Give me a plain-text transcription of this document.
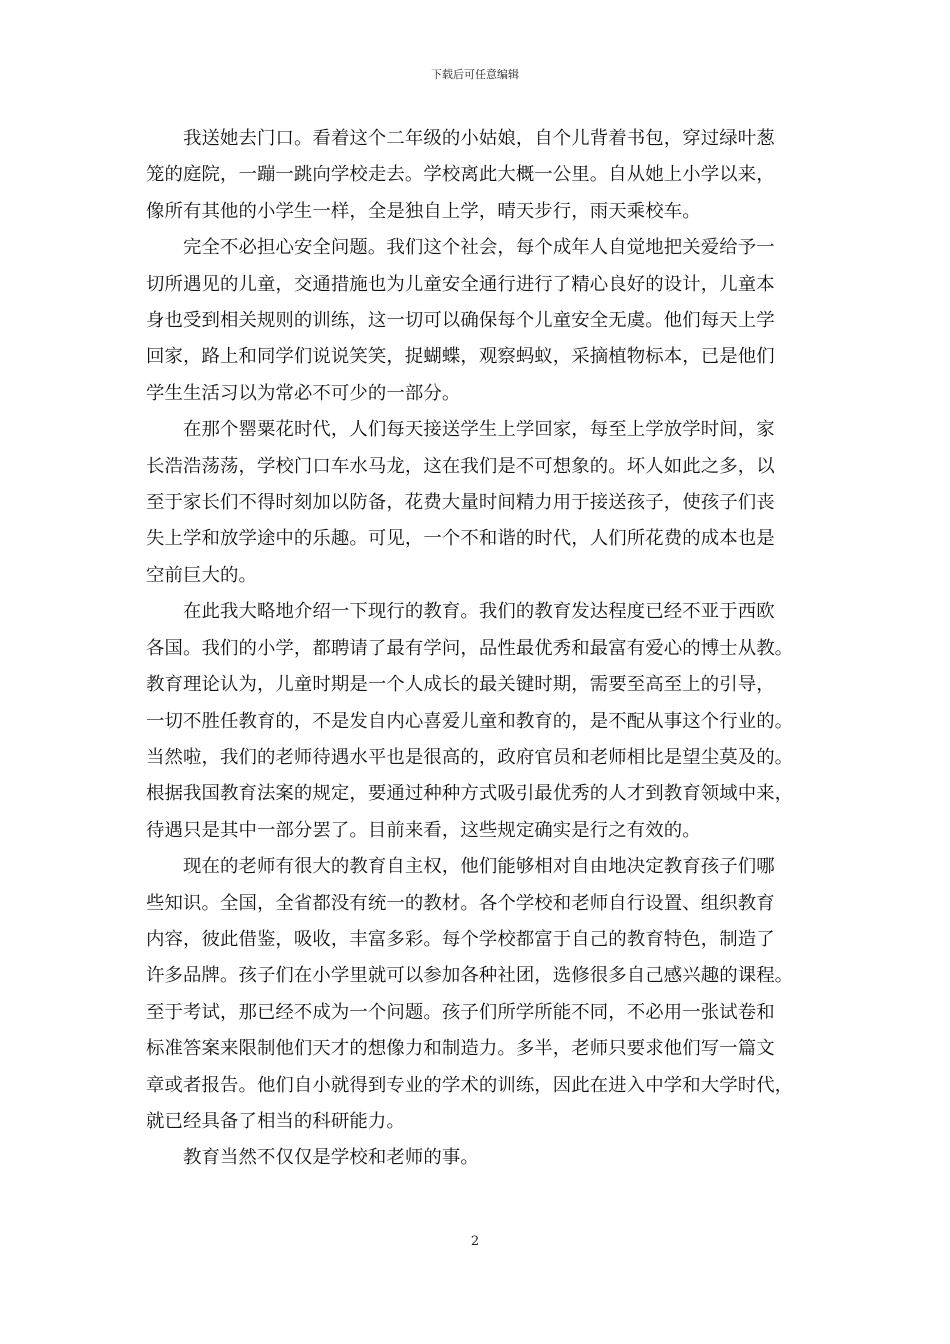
下载后可任意编辑

我送她去门口。看着这个二年级的小姑娘，自个儿背着书包，穿过绿叶葱
笼的庭院，一蹦一跳向学校走去。学校离此大概一公里。自从她上小学以来，
像所有其他的小学生一样，全是独自上学，晴天步行，雨天乘校车。

完全不必担心安全问题。我们这个社会，每个成年人自觉地把关爱给予一
切所遇见的儿童，交通措施也为儿童安全通行进行了精心良好的设计，儿童本
身也受到相关规则的训练，这一切可以确保每个儿童安全无虞。他们每天上学
回家，路上和同学们说说笑笑，捉蝴蝶，观察蚂蚁，采摘植物标本，已是他们
学生生活习以为常必不可少的一部分。

在那个罂粟花时代，人们每天接送学生上学回家，每至上学放学时间，家
长浩浩荡荡，学校门口车水马龙，这在我们是不可想象的。坏人如此之多，以
至于家长们不得时刻加以防备，花费大量时间精力用于接送孩子，使孩子们丧
失上学和放学途中的乐趣。可见，一个不和谐的时代，人们所花费的成本也是
空前巨大的。

在此我大略地介绍一下现行的教育。我们的教育发达程度已经不亚于西欧
各国。我们的小学，都聘请了最有学问，品性最优秀和最富有爱心的博士从教。
教育理论认为，儿童时期是一个人成长的最关键时期，需要至高至上的引导，
一切不胜任教育的，不是发自内心喜爱儿童和教育的，是不配从事这个行业的。
当然啦，我们的老师待遇水平也是很高的，政府官员和老师相比是望尘莫及的。
根据我国教育法案的规定，要通过种种方式吸引最优秀的人才到教育领域中来，
待遇只是其中一部分罢了。目前来看，这些规定确实是行之有效的。

现在的老师有很大的教育自主权，他们能够相对自由地决定教育孩子们哪
些知识。全国，全省都没有统一的教材。各个学校和老师自行设置、组织教育
内容，彼此借鉴，吸收，丰富多彩。每个学校都富于自己的教育特色，制造了
许多品牌。孩子们在小学里就可以参加各种社团，选修很多自己感兴趣的课程。
至于考试，那已经不成为一个问题。孩子们所学所能不同，不必用一张试卷和
标准答案来限制他们天才的想像力和制造力。多半，老师只要求他们写一篇文
章或者报告。他们自小就得到专业的学术的训练，因此在进入中学和大学时代，
就已经具备了相当的科研能力。

教育当然不仅仅是学校和老师的事。

2
